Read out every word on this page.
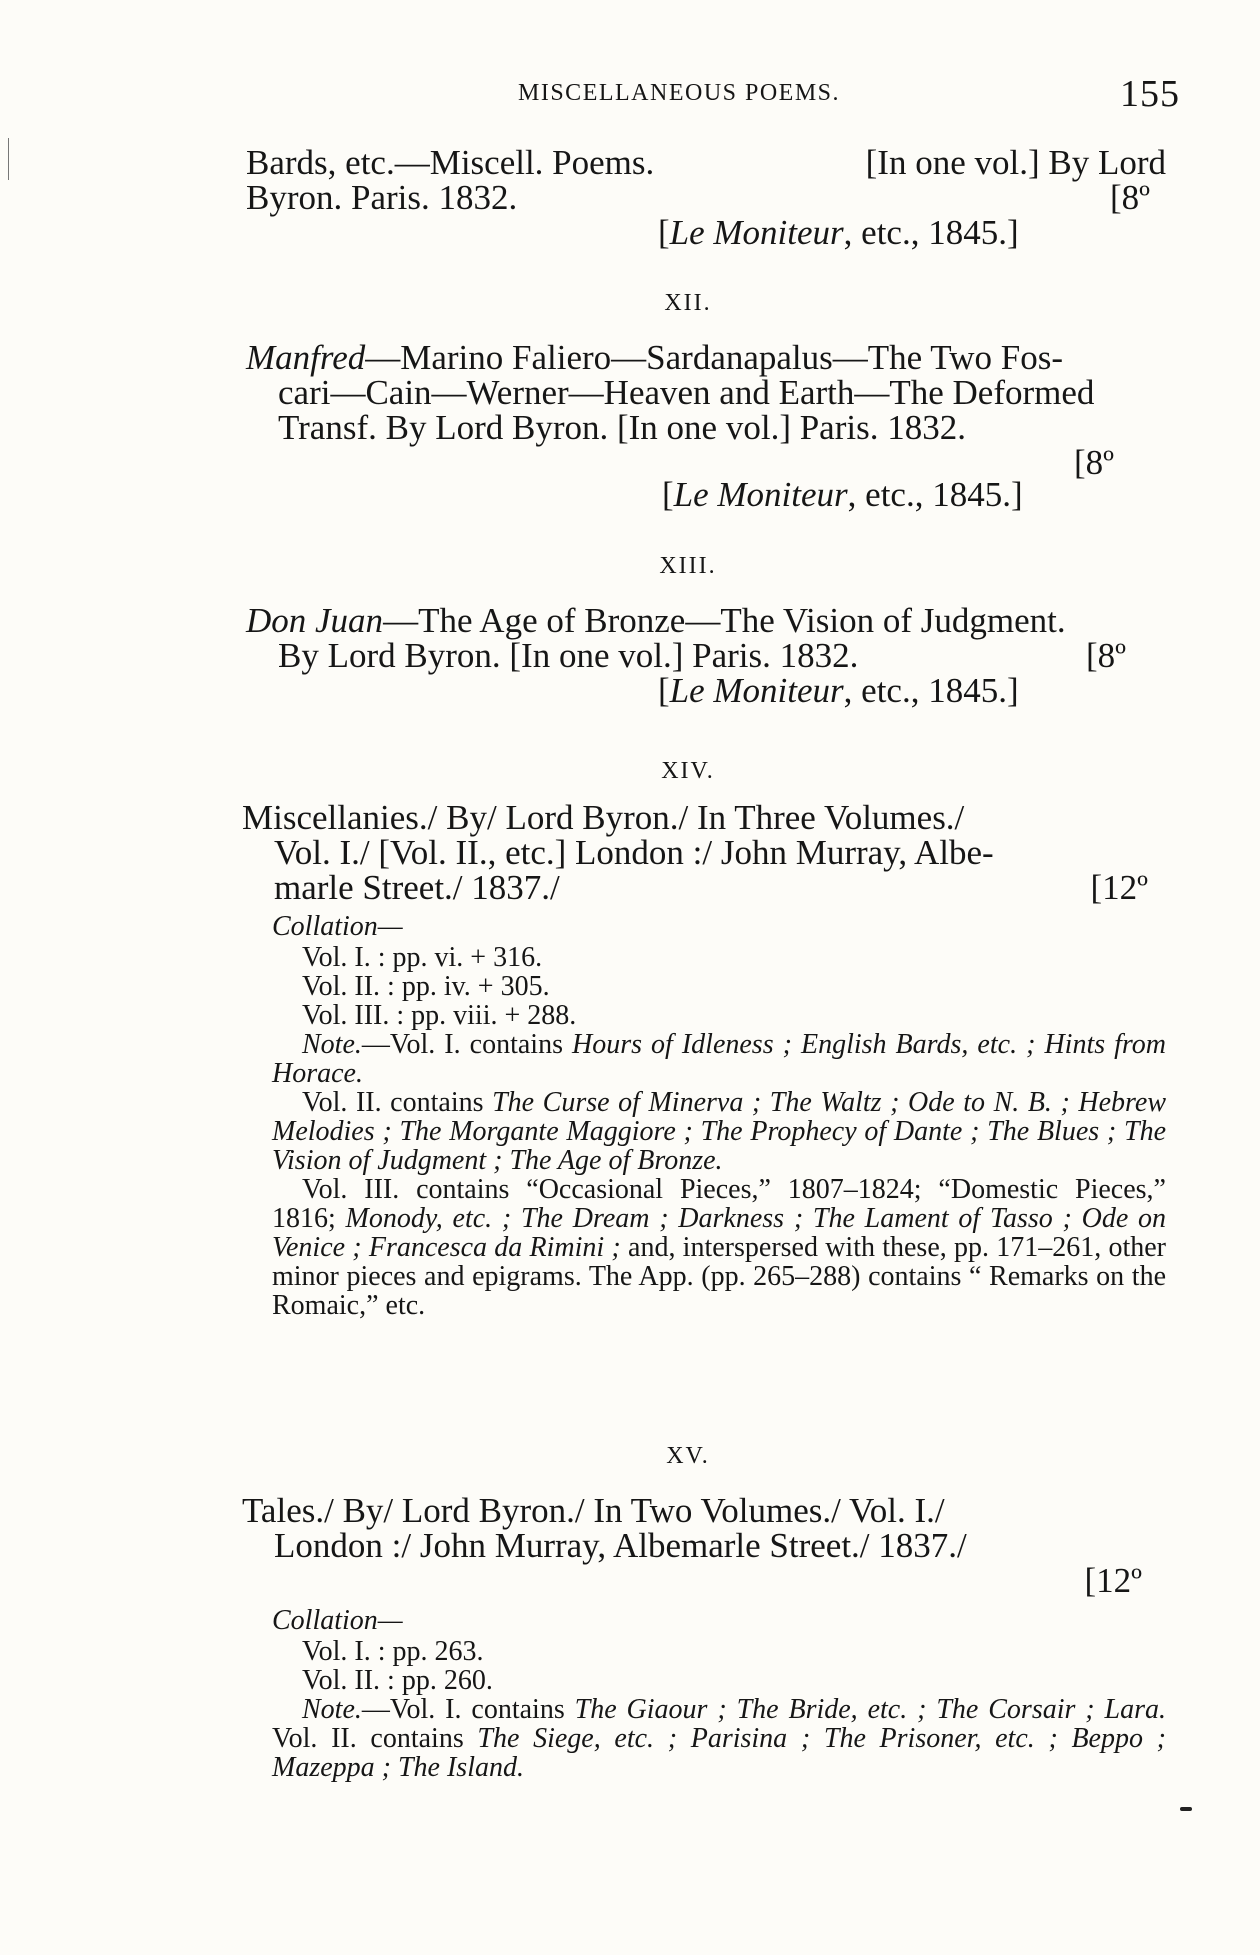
MISCELLANEOUS POEMS.	155
Bards, etc.—Miscell. Poems.	[In one vol.] By Lord
Byron. Paris. 1832.	[8º
[Le Moniteur, etc., 1845.]
XII.
Manfred—Marino Faliero—Sardanapalus—The Two Fos-
cari—Cain—Werner—Heaven and Earth—The Deformed
Transf. By Lord Byron. [In one vol.] Paris. 1832.
[8º
[Le Moniteur, etc., 1845.]
XIII.
Don Juan—The Age of Bronze—The Vision of Judgment.
By Lord Byron. [In one vol.] Paris. 1832.	[8º
[Le Moniteur, etc., 1845.]
XIV.
Miscellanies./ By/ Lord Byron./ In Three Volumes./
Vol. I./ [Vol. II., etc.] London :/ John Murray, Albe-
marle Street./ 1837./	[12º
Collation—
Vol. I. : pp. vi. + 316.
Vol. II. : pp. iv. + 305.
Vol. III. : pp. viii. + 288.
Note.—Vol. I. contains Hours of Idleness ; English Bards, etc. ; Hints from Horace.
Vol. II. contains The Curse of Minerva ; The Waltz ; Ode to N. B. ; Hebrew Melodies ; The Morgante Maggiore ; The Prophecy of Dante ; The Blues ; The Vision of Judgment ; The Age of Bronze.
Vol. III. contains “Occasional Pieces,” 1807–1824; “Domestic Pieces,” 1816; Monody, etc. ; The Dream ; Darkness ; The Lament of Tasso ; Ode on Venice ; Francesca da Rimini ; and, interspersed with these, pp. 171–261, other minor pieces and epigrams. The App. (pp. 265–288) contains “ Remarks on the Romaic,” etc.
XV.
Tales./ By/ Lord Byron./ In Two Volumes./ Vol. I./
London :/ John Murray, Albemarle Street./ 1837./
[12º
Collation—
Vol. I. : pp. 263.
Vol. II. : pp. 260.
Note.—Vol. I. contains The Giaour ; The Bride, etc. ; The Corsair ; Lara. Vol. II. contains The Siege, etc. ; Parisina ; The Prisoner, etc. ; Beppo ; Mazeppa ; The Island.
